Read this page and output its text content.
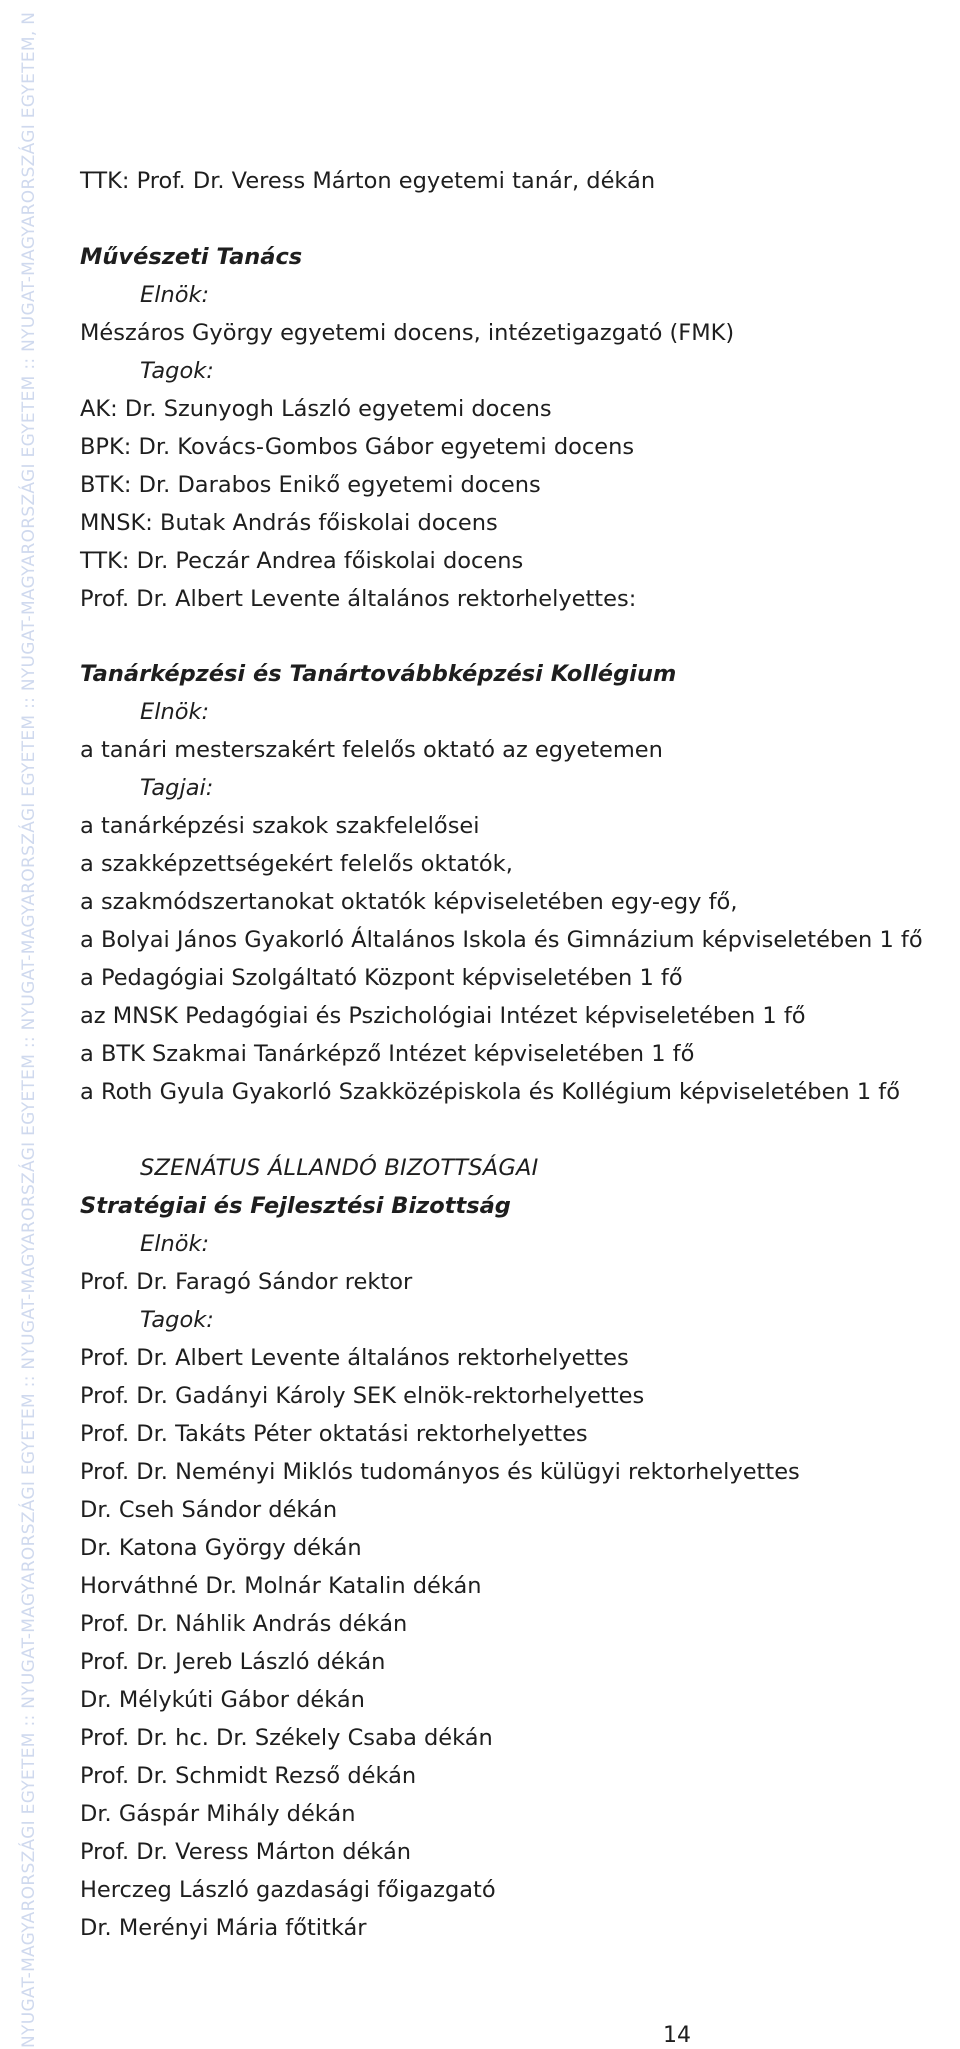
NYUGAT-MAGYARORSZÁGI EGYETEM :: NYUGAT-MAGYARORSZÁGI EGYETEM :: NYUGAT-MAGYARORSZÁGI EGYETEM :: NYUGAT-MAGYARORSZÁGI EGYETEM :: NYUGAT-MAGYARORSZÁGI EGYETEM :: NYUGAT-MAGYARORSZÁGI EGYETEM, N TTK: Prof. Dr. Veress Márton egyetemi tanár, dékán
Művészeti Tanács
Elnök:
Mészáros György egyetemi docens, intézetigazgató (FMK)
Tagok:
AK: Dr. Szunyogh László egyetemi docens
BPK: Dr. Kovács-Gombos Gábor egyetemi docens
BTK: Dr. Darabos Enikő egyetemi docens
MNSK: Butak András főiskolai docens
TTK: Dr. Peczár Andrea főiskolai docens
Prof. Dr. Albert Levente általános rektorhelyettes:
Tanárképzési és Tanártovábbképzési Kollégium
Elnök:
a tanári mesterszakért felelős oktató az egyetemen
Tagjai:
a tanárképzési szakok szakfelelősei
a szakképzettségekért felelős oktatók,
a szakmódszertanokat oktatók képviseletében egy-egy fő,
a Bolyai János Gyakorló Általános Iskola és Gimnázium képviseletében 1 fő
a Pedagógiai Szolgáltató Központ képviseletében 1 fő
az MNSK Pedagógiai és Pszichológiai Intézet képviseletében 1 fő
a BTK Szakmai Tanárképző Intézet képviseletében 1 fő
a Roth Gyula Gyakorló Szakközépiskola és Kollégium képviseletében 1 fő
SZENÁTUS ÁLLANDÓ BIZOTTSÁGAI
Stratégiai és Fejlesztési Bizottság
Elnök:
Prof. Dr. Faragó Sándor rektor
Tagok:
Prof. Dr. Albert Levente általános rektorhelyettes
Prof. Dr. Gadányi Károly SEK elnök-rektorhelyettes
Prof. Dr. Takáts Péter oktatási rektorhelyettes
Prof. Dr. Neményi Miklós tudományos és külügyi rektorhelyettes
Dr. Cseh Sándor dékán
Dr. Katona György dékán
Horváthné Dr. Molnár Katalin dékán
Prof. Dr. Náhlik András dékán
Prof. Dr. Jereb László dékán
Dr. Mélykúti Gábor dékán
Prof. Dr. hc. Dr. Székely Csaba dékán
Prof. Dr. Schmidt Rezső dékán
Dr. Gáspár Mihály dékán
Prof. Dr. Veress Márton dékán
Herczeg László gazdasági főigazgató
Dr. Merényi Mária főtitkár
14
